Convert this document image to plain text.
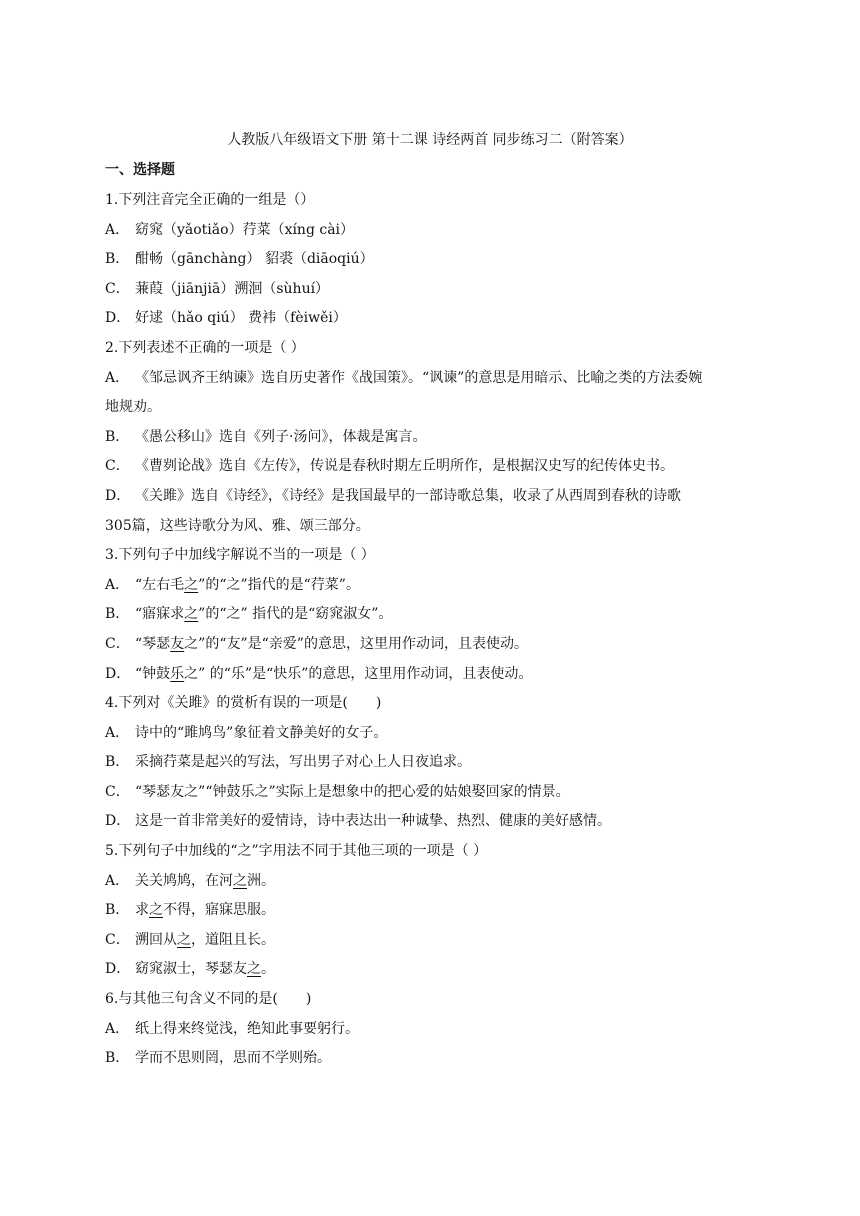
人教版八年级语文下册 第十二课 诗经两首 同步练习二（附答案）
一、选择题
1.下列注音完全正确的一组是（）
A． 窈窕（yǎotiǎo）荇菜（xíng cài）
B． 酣畅（gānchàng） 貂裘（diāoqiú）
C． 蒹葭（jiānjiā）溯洄（sùhuí）
D． 好逑（hǎo qiú） 费袆（fèiwěi）
2.下列表述不正确的一项是（ ）
A． 《邹忌讽齐王纳谏》选自历史著作《战国策》。“讽谏”的意思是用暗示、比喻之类的方法委婉
地规劝。
B． 《愚公移山》选自《列子·汤问》，体裁是寓言。
C． 《曹刿论战》选自《左传》，传说是春秋时期左丘明所作，是根据汉史写的纪传体史书。
D． 《关雎》选自《诗经》，《诗经》是我国最早的一部诗歌总集，收录了从西周到春秋的诗歌
305篇，这些诗歌分为风、雅、颂三部分。
3.下列句子中加线字解说不当的一项是（ ）
A． “左右毛之”的“之”指代的是“荇菜”。
B． “寤寐求之”的“之” 指代的是“窈窕淑女”。
C． “琴瑟友之”的“友”是“亲爱”的意思，这里用作动词，且表使动。
D． “钟鼓乐之” 的“乐”是“快乐”的意思，这里用作动词，且表使动。
4.下列对《关雎》的赏析有误的一项是(　　)
A． 诗中的“雎鸠鸟”象征着文静美好的女子。
B． 采摘荇菜是起兴的写法，写出男子对心上人日夜追求。
C． “琴瑟友之”“钟鼓乐之”实际上是想象中的把心爱的姑娘娶回家的情景。
D． 这是一首非常美好的爱情诗，诗中表达出一种诚挚、热烈、健康的美好感情。
5.下列句子中加线的“之”字用法不同于其他三项的一项是（ ）
A． 关关鸠鸠，在河之洲。
B． 求之不得，寤寐思服。
C． 溯回从之，道阻且长。
D． 窈窕淑士，琴瑟友之。
6.与其他三句含义不同的是(　　)
A． 纸上得来终觉浅，绝知此事要躬行。
B． 学而不思则罔，思而不学则殆。
